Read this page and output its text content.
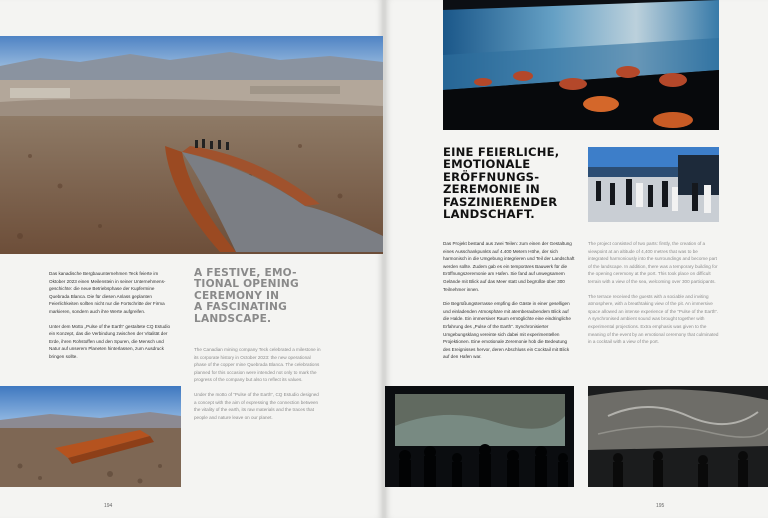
Das kanadische Bergbauunternehmen Teck feierte im Oktober 2023 einen Meilenstein in seiner Unternehmens-geschichte: die neue Betriebsphase der Kupfermine Quebrada Blanca. Die für diesen Anlass geplanten Feierlichkeiten sollten nicht nur die Fortschritte der Firma markieren, sondern auch ihre Werte aufgreifen.

Unter dem Motto „Pulse of the Earth“ gestaltete CQ Estudio ein Konzept, das die Verbindung zwischen der Vitalität der Erde, ihren Rohstoffen und den Spuren, die Mensch und Natur auf unserem Planeten hinterlassen, zum Ausdruck bringen sollte.

A FESTIVE, EMO-
TIONAL OPENING
CEREMONY IN
A FASCINATING
LANDSCAPE.

The Canadian mining company Teck celebrated a milestone in its corporate history in October 2023: the new operational phase of the copper mine Quebrada Blanca. The celebrations planned for this occasion were intended not only to mark the progress of the company but also to reflect its values.

Under the motto of “Pulse of the Earth”, CQ Estudio designed a concept with the aim of expressing the connection between the vitality of the earth, its raw materials and the traces that people and nature leave on our planet.

194
EINE FEIERLICHE,
EMOTIONALE
ERÖFFNUNGS-
ZEREMONIE IN
FASZINIERENDER
LANDSCHAFT.

Das Projekt bestand aus zwei Teilen: zum einen der Gestaltung eines Ausschankpunkts auf 4.400 Metern Höhe, der sich harmonisch in die Umgebung integrieren und Teil der Landschaft werden sollte. Zudem gab es ein temporäres Bauwerk für die Eröffnungszeremonie am Hafen. Sie fand auf unwegsamem Gelände mit Blick auf das Meer statt und begrüßte über 300 Teilnehmer innen.

Die Begrüßungsterrasse empfing die Gäste in einer geselligen und einladenden Atmosphäre mit atemberaubendem Blick auf die Halde. Ein immersiver Raum ermöglichte eine eindringliche Erfahrung des „Pulse of the Earth“. Synchronisierter Umgebungsklang vereinte sich dabei mit experimentellen Projektionen. Eine emotionale Zeremonie hob die Bedeutung des Ereignisses hervor, deren Abschluss ein Cocktail mit Blick auf den Hafen war.

The project consisted of two parts: firstly, the creation of a viewpoint at an altitude of 4,400 metres that was to be integrated harmoniously into the surroundings and become part of the landscape. In addition, there was a temporary building for the opening ceremony at the port. This took place on difficult terrain with a view of the sea, welcoming over 300 participants.

The terrace received the guests with a sociable and inviting atmosphere, with a breathtaking view of the pit. An immersive space allowed an intense experience of the “Pulse of the Earth”. A synchronised ambient sound was brought together with experimental projections. Extra emphasis was given to the meaning of the event by an emotional ceremony that culminated in a cocktail with a view of the port.

195
